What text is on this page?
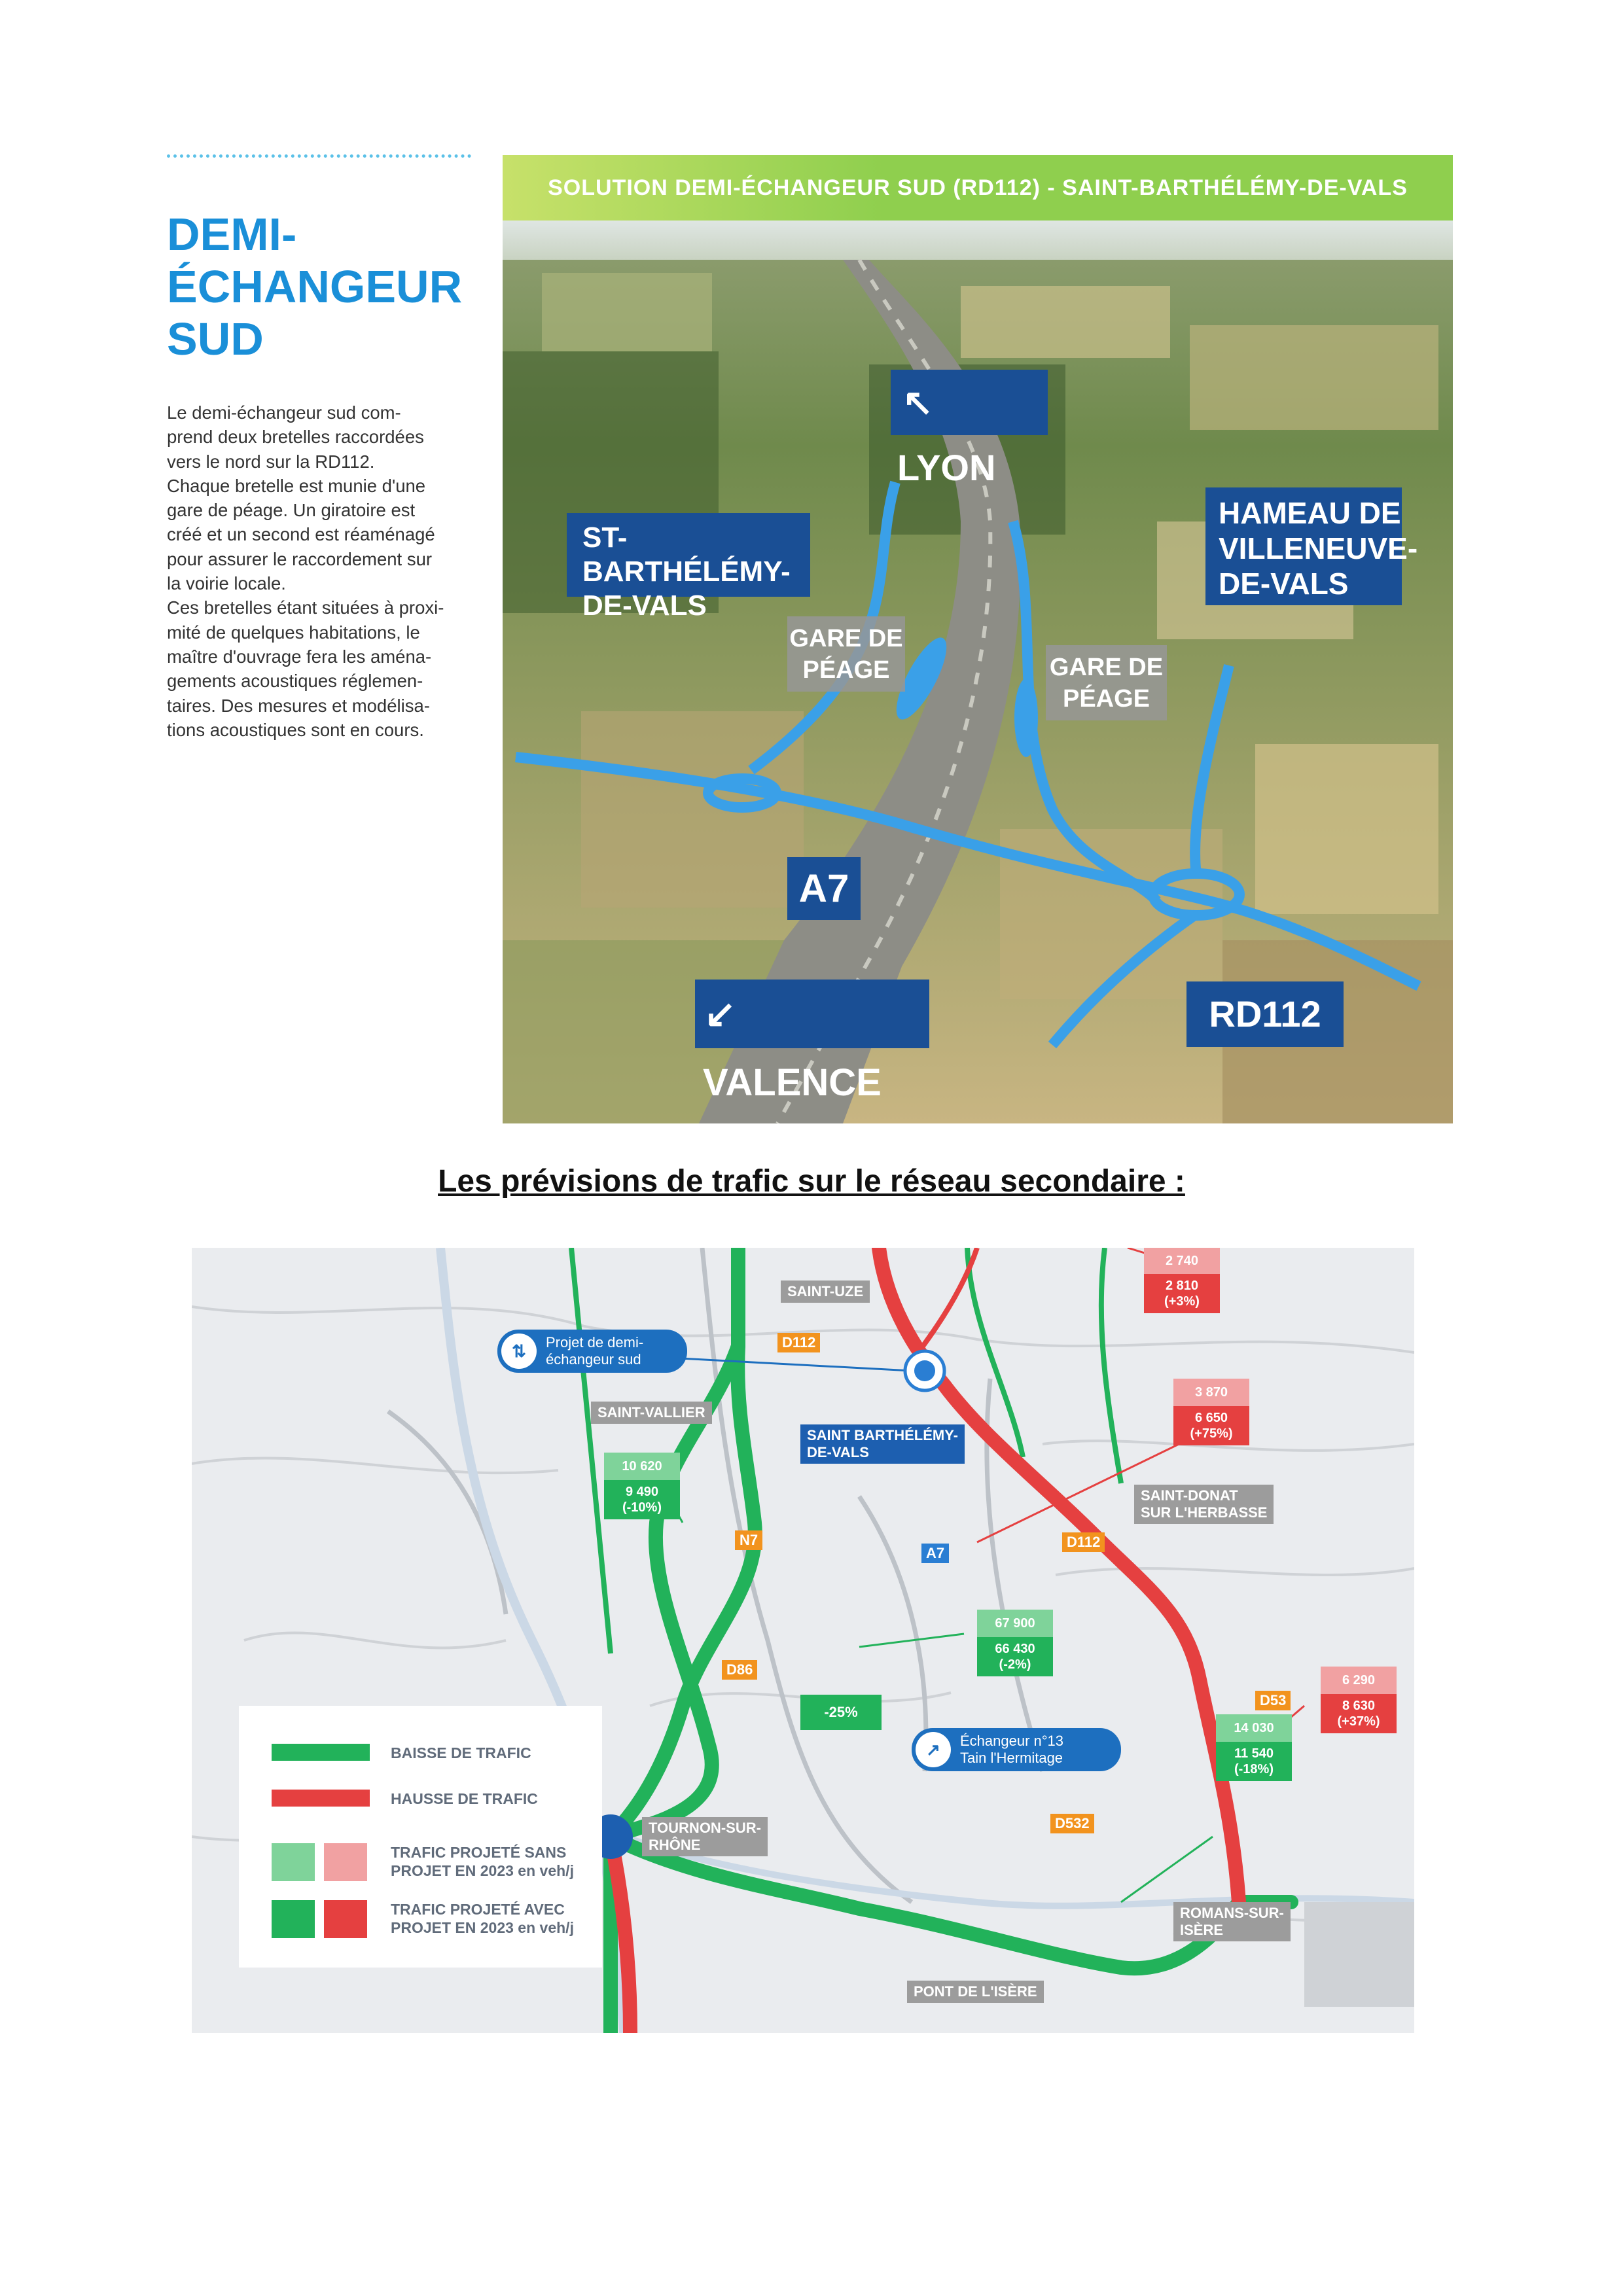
DEMI-
ÉCHANGEUR
SUD

Le demi-échangeur sud com-

prend deux bretelles raccordées

vers le nord sur la RD112.

Chaque bretelle est munie d'une

gare de péage. Un giratoire est

créé et un second est réaménagé

pour assurer le raccordement sur

la voirie locale.

Ces bretelles étant situées à proxi-

mité de quelques habitations, le

maître d'ouvrage fera les aména-

gements acoustiques réglemen-

taires. Des mesures et modélisa-

tions acoustiques sont en cours.

SOLUTION DEMI-ÉCHANGEUR SUD (RD112) - SAINT-BARTHÉLÉMY-DE-VALS
↖ LYON
ST-BARTHÉLÉMY-
DE-VALS
HAMEAU DE
VILLENEUVE-
DE-VALS
GARE DE
PÉAGE	GARE DE
PÉAGE
A7
↙ VALENCE
RD112
Les prévisions de trafic sur le réseau secondaire :
SAINT-UZE
SAINT-VALLIER
SAINT BARTHÉLÉMY-
DE-VALS
SAINT-DONAT
SUR L'HERBASSE
TOURNON-SUR-
RHÔNE
ROMANS-SUR-
ISÈRE
PONT DE L'ISÈRE
D112
D112
N7
A7
D86
D53
D532
⇅	Projet de demi-
échangeur sud
↗	Échangeur n°13
Tain l'Hermitage
-25%
2 740
2 810
(+3%)
3 870
6 650
(+75%)
10 620
9 490
(-10%)
67 900
66 430
(-2%)
14 030
11 540
(-18%)
6 290
8 630
(+37%)
BAISSE DE TRAFIC
HAUSSE DE TRAFIC
TRAFIC PROJETÉ SANS
PROJET EN 2023 en veh/j
TRAFIC PROJETÉ AVEC
PROJET EN 2023 en veh/j
